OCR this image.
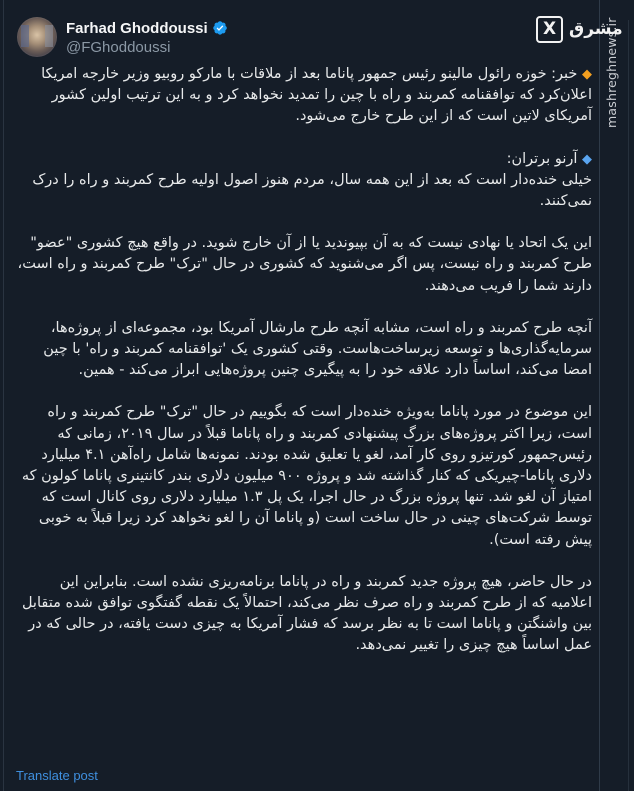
mashreghnews.ir
Farhad Ghoddoussi
@FGhoddoussi
X مشرق

◆ خبر: خوزه رائول مالینو رئیس جمهور پاناما بعد از ملاقات با مارکو روبیو وزیر خارجه امریکا اعلان‌کرد که توافقنامه کمربند و راه با چین را تمدید نخواهد کرد و به این ترتیب اولین کشور آمریکای لاتین است که از این طرح خارج می‌شود.

◆ آرنو برتران:

خیلی خنده‌دار است که بعد از این همه سال، مردم هنوز اصول اولیه طرح کمربند و راه را درک نمی‌کنند.

این یک اتحاد یا نهادی نیست که به آن بپیوندید یا از آن خارج شوید. در واقع هیچ کشوری "عضو" طرح کمربند و راه نیست، پس اگر می‌شنوید که کشوری در حال "ترک" طرح کمربند و راه است، دارند شما را فریب می‌دهند.

آنچه طرح کمربند و راه است، مشابه آنچه طرح مارشال آمریکا بود، مجموعه‌ای از پروژه‌ها، سرمایه‌گذاری‌ها و توسعه زیرساخت‌هاست. وقتی کشوری یک 'توافقنامه کمربند و راه' با چین امضا می‌کند، اساساً دارد علاقه خود را به پیگیری چنین پروژه‌هایی ابراز می‌کند - همین.

این موضوع در مورد پاناما به‌ویژه خنده‌دار است که بگوییم در حال "ترک" طرح کمربند و راه است، زیرا اکثر پروژه‌های بزرگ پیشنهادی کمربند و راه پاناما قبلاً در سال ۲۰۱۹، زمانی که رئیس‌جمهور کورتیزو روی کار آمد، لغو یا تعلیق شده بودند. نمونه‌ها شامل راه‌آهن ۴.۱ میلیارد دلاری پاناما-چیریکی که کنار گذاشته شد و پروژه ۹۰۰ میلیون دلاری بندر کانتینری پاناما کولون که امتیاز آن لغو شد. تنها پروژه بزرگ در حال اجرا، یک پل ۱.۳ میلیارد دلاری روی کانال است که توسط شرکت‌های چینی در حال ساخت است (و پاناما آن را لغو نخواهد کرد زیرا قبلاً به خوبی پیش رفته است).

در حال حاضر، هیچ پروژه جدید کمربند و راه در پاناما برنامه‌ریزی نشده است. بنابراین این اعلامیه که از طرح کمربند و راه صرف نظر می‌کند، احتمالاً یک نقطه گفتگوی توافق شده متقابل بین واشنگتن و پاناما است تا به نظر برسد که فشار آمریکا به چیزی دست یافته، در حالی که در عمل اساساً هیچ چیزی را تغییر نمی‌دهد.

Translate post
